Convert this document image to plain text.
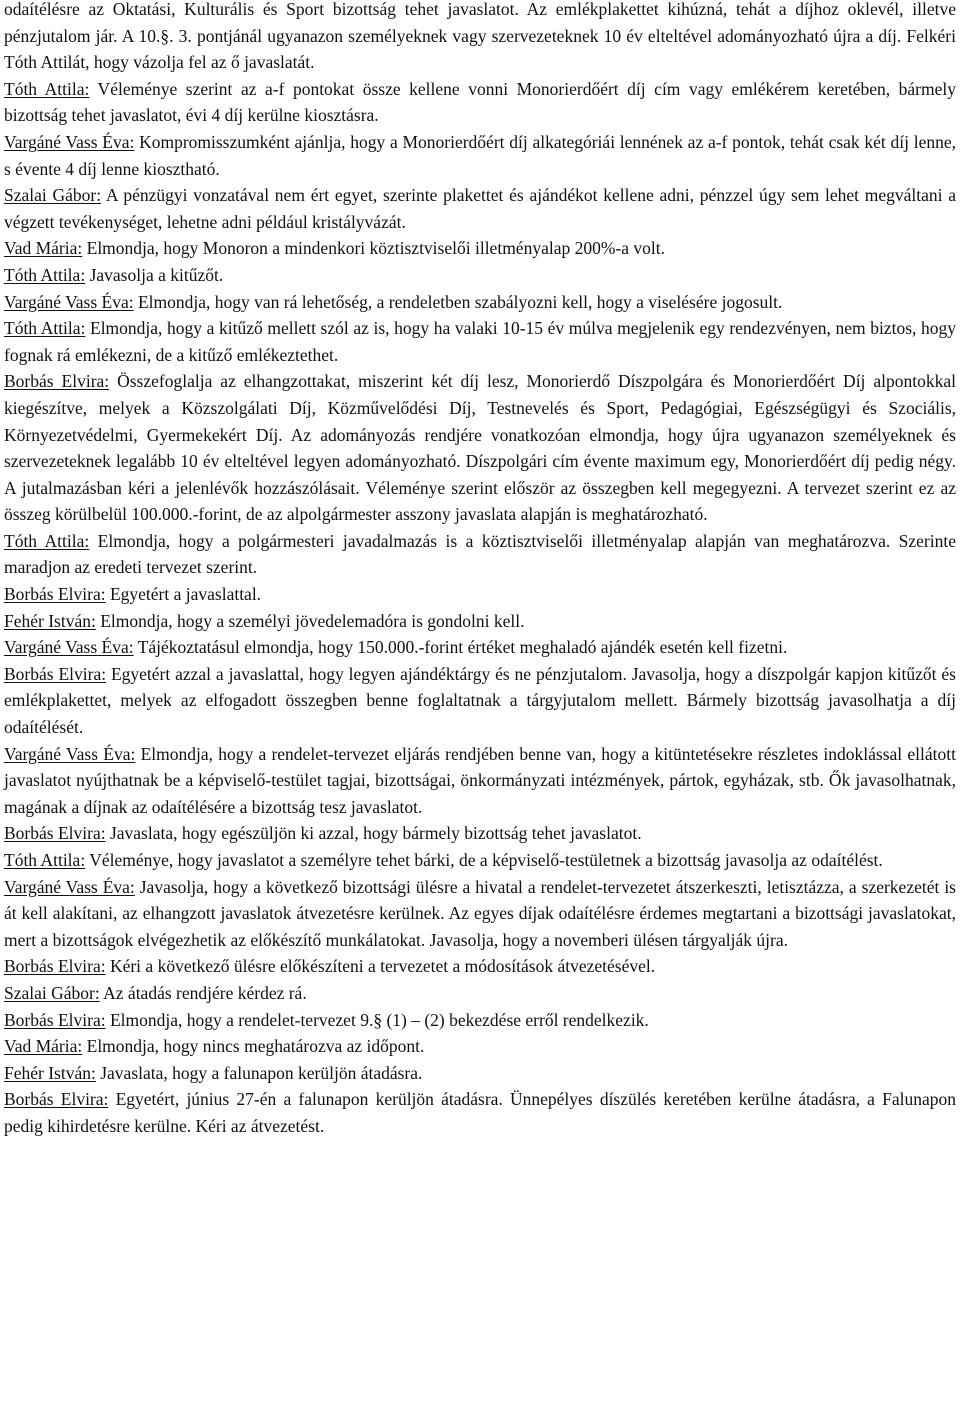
odaítélésre az Oktatási, Kulturális és Sport bizottság tehet javaslatot. Az emlékplakettet kihúzná, tehát a díjhoz oklevél, illetve pénzjutalom jár. A 10.§. 3. pontjánál ugyanazon személyeknek vagy szervezeteknek 10 év elteltével adományozható újra a díj. Felkéri Tóth Attilát, hogy vázolja fel az ő javaslatát.

Tóth Attila: Véleménye szerint az a-f pontokat össze kellene vonni Monorierdőért díj cím vagy emlékérem keretében, bármely bizottság tehet javaslatot, évi 4 díj kerülne kiosztásra.

Vargáné Vass Éva: Kompromisszumként ajánlja, hogy a Monorierdőért díj alkategóriái lennének az a-f pontok, tehát csak két díj lenne, s évente 4 díj lenne kiosztható.

Szalai Gábor: A pénzügyi vonzatával nem ért egyet, szerinte plakettet és ajándékot kellene adni, pénzzel úgy sem lehet megváltani a végzett tevékenységet, lehetne adni például kristályvázát.

Vad Mária: Elmondja, hogy Monoron a mindenkori köztisztviselői illetményalap 200%-a volt.

Tóth Attila: Javasolja a kitűzőt.

Vargáné Vass Éva: Elmondja, hogy van rá lehetőség, a rendeletben szabályozni kell, hogy a viselésére jogosult.

Tóth Attila: Elmondja, hogy a kitűző mellett szól az is, hogy ha valaki 10-15 év múlva megjelenik egy rendezvényen, nem biztos, hogy fognak rá emlékezni, de a kitűző emlékeztethet.

Borbás Elvira: Összefoglalja az elhangzottakat, miszerint két díj lesz, Monorierdő Díszpolgára és Monorierdőért Díj alpontokkal kiegészítve, melyek a Közszolgálati Díj, Közművelődési Díj, Testnevelés és Sport, Pedagógiai, Egészségügyi és Szociális, Környezetvédelmi, Gyermekekért Díj. Az adományozás rendjére vonatkozóan elmondja, hogy újra ugyanazon személyeknek és szervezeteknek legalább 10 év elteltével legyen adományozható. Díszpolgári cím évente maximum egy, Monorierdőért díj pedig négy. A jutalmazásban kéri a jelenlévők hozzászólásait. Véleménye szerint először az összegben kell megegyezni. A tervezet szerint ez az összeg körülbelül 100.000.-forint, de az alpolgármester asszony javaslata alapján is meghatározható.

Tóth Attila: Elmondja, hogy a polgármesteri javadalmazás is a köztisztviselői illetményalap alapján van meghatározva. Szerinte maradjon az eredeti tervezet szerint.

Borbás Elvira: Egyetért a javaslattal.

Fehér István: Elmondja, hogy a személyi jövedelemadóra is gondolni kell.

Vargáné Vass Éva: Tájékoztatásul elmondja, hogy 150.000.-forint értéket meghaladó ajándék esetén kell fizetni.

Borbás Elvira: Egyetért azzal a javaslattal, hogy legyen ajándéktárgy és ne pénzjutalom. Javasolja, hogy a díszpolgár kapjon kitűzőt és emlékplakettet, melyek az elfogadott összegben benne foglaltatnak a tárgyjutalom mellett. Bármely bizottság javasolhatja a díj odaítélését.

Vargáné Vass Éva: Elmondja, hogy a rendelet-tervezet eljárás rendjében benne van, hogy a kitüntetésekre részletes indoklással ellátott javaslatot nyújthatnak be a képviselő-testület tagjai, bizottságai, önkormányzati intézmények, pártok, egyházak, stb. Ők javasolhatnak, magának a díjnak az odaítélésére a bizottság tesz javaslatot.

Borbás Elvira: Javaslata, hogy egészüljön ki azzal, hogy bármely bizottság tehet javaslatot.

Tóth Attila: Véleménye, hogy javaslatot a személyre tehet bárki, de a képviselő-testületnek a bizottság javasolja az odaítélést.

Vargáné Vass Éva: Javasolja, hogy a következő bizottsági ülésre a hivatal a rendelet-tervezetet átszerkeszti, letisztázza, a szerkezetét is át kell alakítani, az elhangzott javaslatok átvezetésre kerülnek. Az egyes díjak odaítélésre érdemes megtartani a bizottsági javaslatokat, mert a bizottságok elvégezhetik az előkészítő munkálatokat. Javasolja, hogy a novemberi ülésen tárgyalják újra.

Borbás Elvira: Kéri a következő ülésre előkészíteni a tervezetet a módosítások átvezetésével.

Szalai Gábor: Az átadás rendjére kérdez rá.

Borbás Elvira: Elmondja, hogy a rendelet-tervezet 9.§ (1) – (2) bekezdése erről rendelkezik.

Vad Mária: Elmondja, hogy nincs meghatározva az időpont.

Fehér István: Javaslata, hogy a falunapon kerüljön átadásra.

Borbás Elvira: Egyetért, június 27-én a falunapon kerüljön átadásra. Ünnepélyes díszülés keretében kerülne átadásra, a Falunapon pedig kihirdetésre kerülne. Kéri az átvezetést.
